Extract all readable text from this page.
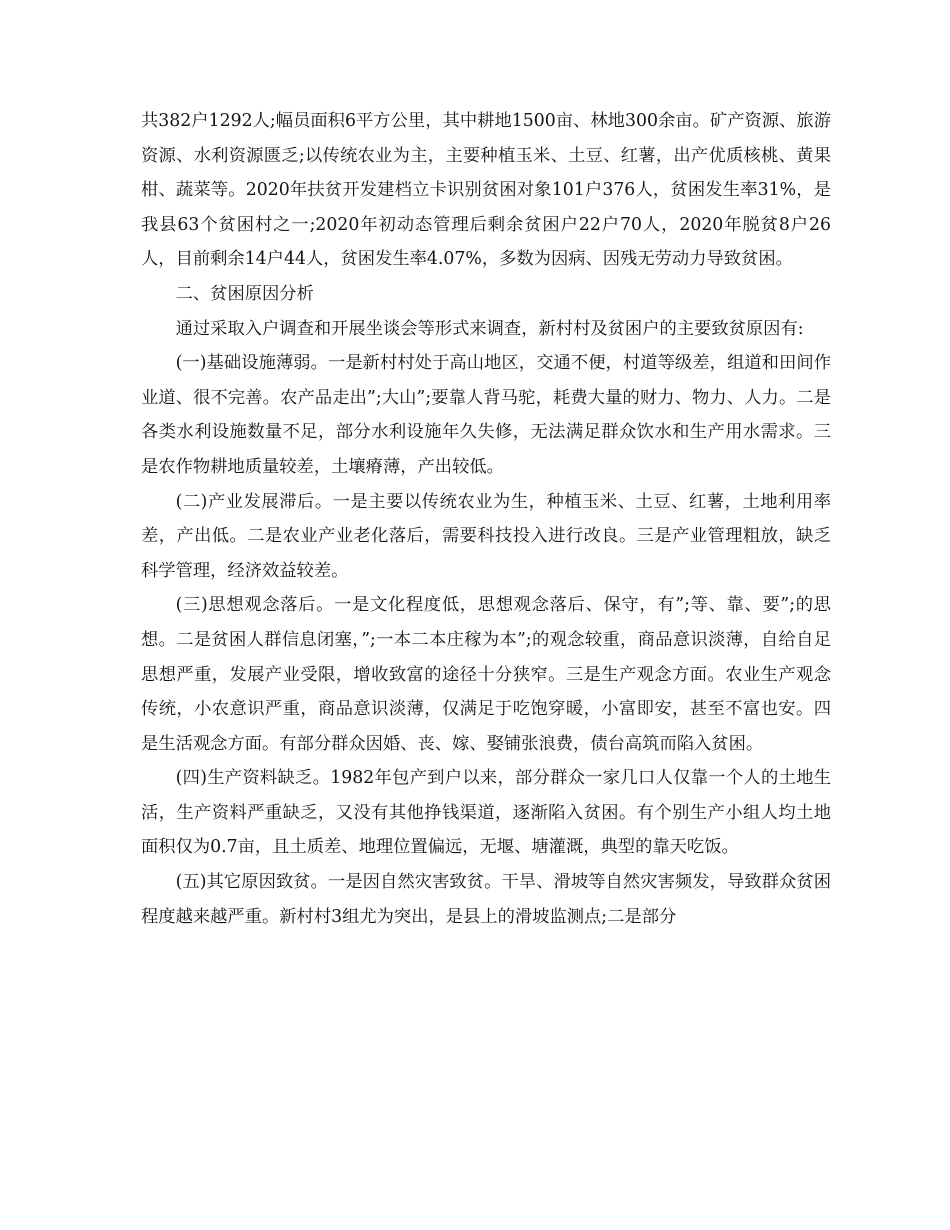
共382户1292人;幅员面积6平方公里，其中耕地1500亩、林地300余亩。矿产资源、旅游资源、水利资源匮乏;以传统农业为主，主要种植玉米、土豆、红薯，出产优质核桃、黄果柑、蔬菜等。2020年扶贫开发建档立卡识别贫困对象101户376人，贫困发生率31%，是我县63个贫困村之一;2020年初动态管理后剩余贫困户22户70人，2020年脱贫8户26人，目前剩余14户44人，贫困发生率4.07%，多数为因病、因残无劳动力导致贫困。

二、贫困原因分析

通过采取入户调查和开展坐谈会等形式来调查，新村村及贫困户的主要致贫原因有:

(一)基础设施薄弱。一是新村村处于高山地区，交通不便，村道等级差，组道和田间作业道、很不完善。农产品走出”;大山”;要靠人背马驼，耗费大量的财力、物力、人力。二是各类水利设施数量不足，部分水利设施年久失修，无法满足群众饮水和生产用水需求。三是农作物耕地质量较差，土壤瘠薄，产出较低。

(二)产业发展滞后。一是主要以传统农业为生，种植玉米、土豆、红薯，土地利用率差，产出低。二是农业产业老化落后，需要科技投入进行改良。三是产业管理粗放，缺乏科学管理，经济效益较差。

(三)思想观念落后。一是文化程度低，思想观念落后、保守，有”;等、靠、要”;的思想。二是贫困人群信息闭塞，”;一本二本庄稼为本”;的观念较重，商品意识淡薄，自给自足思想严重，发展产业受限，增收致富的途径十分狭窄。三是生产观念方面。农业生产观念传统，小农意识严重，商品意识淡薄，仅满足于吃饱穿暖，小富即安，甚至不富也安。四是生活观念方面。有部分群众因婚、丧、嫁、娶铺张浪费，债台高筑而陷入贫困。

(四)生产资料缺乏。1982年包产到户以来，部分群众一家几口人仅靠一个人的土地生活，生产资料严重缺乏，又没有其他挣钱渠道，逐渐陷入贫困。有个别生产小组人均土地面积仅为0.7亩，且土质差、地理位置偏远，无堰、塘灌溉，典型的靠天吃饭。

(五)其它原因致贫。一是因自然灾害致贫。干旱、滑坡等自然灾害频发，导致群众贫困程度越来越严重。新村村3组尤为突出，是县上的滑坡监测点;二是部分
